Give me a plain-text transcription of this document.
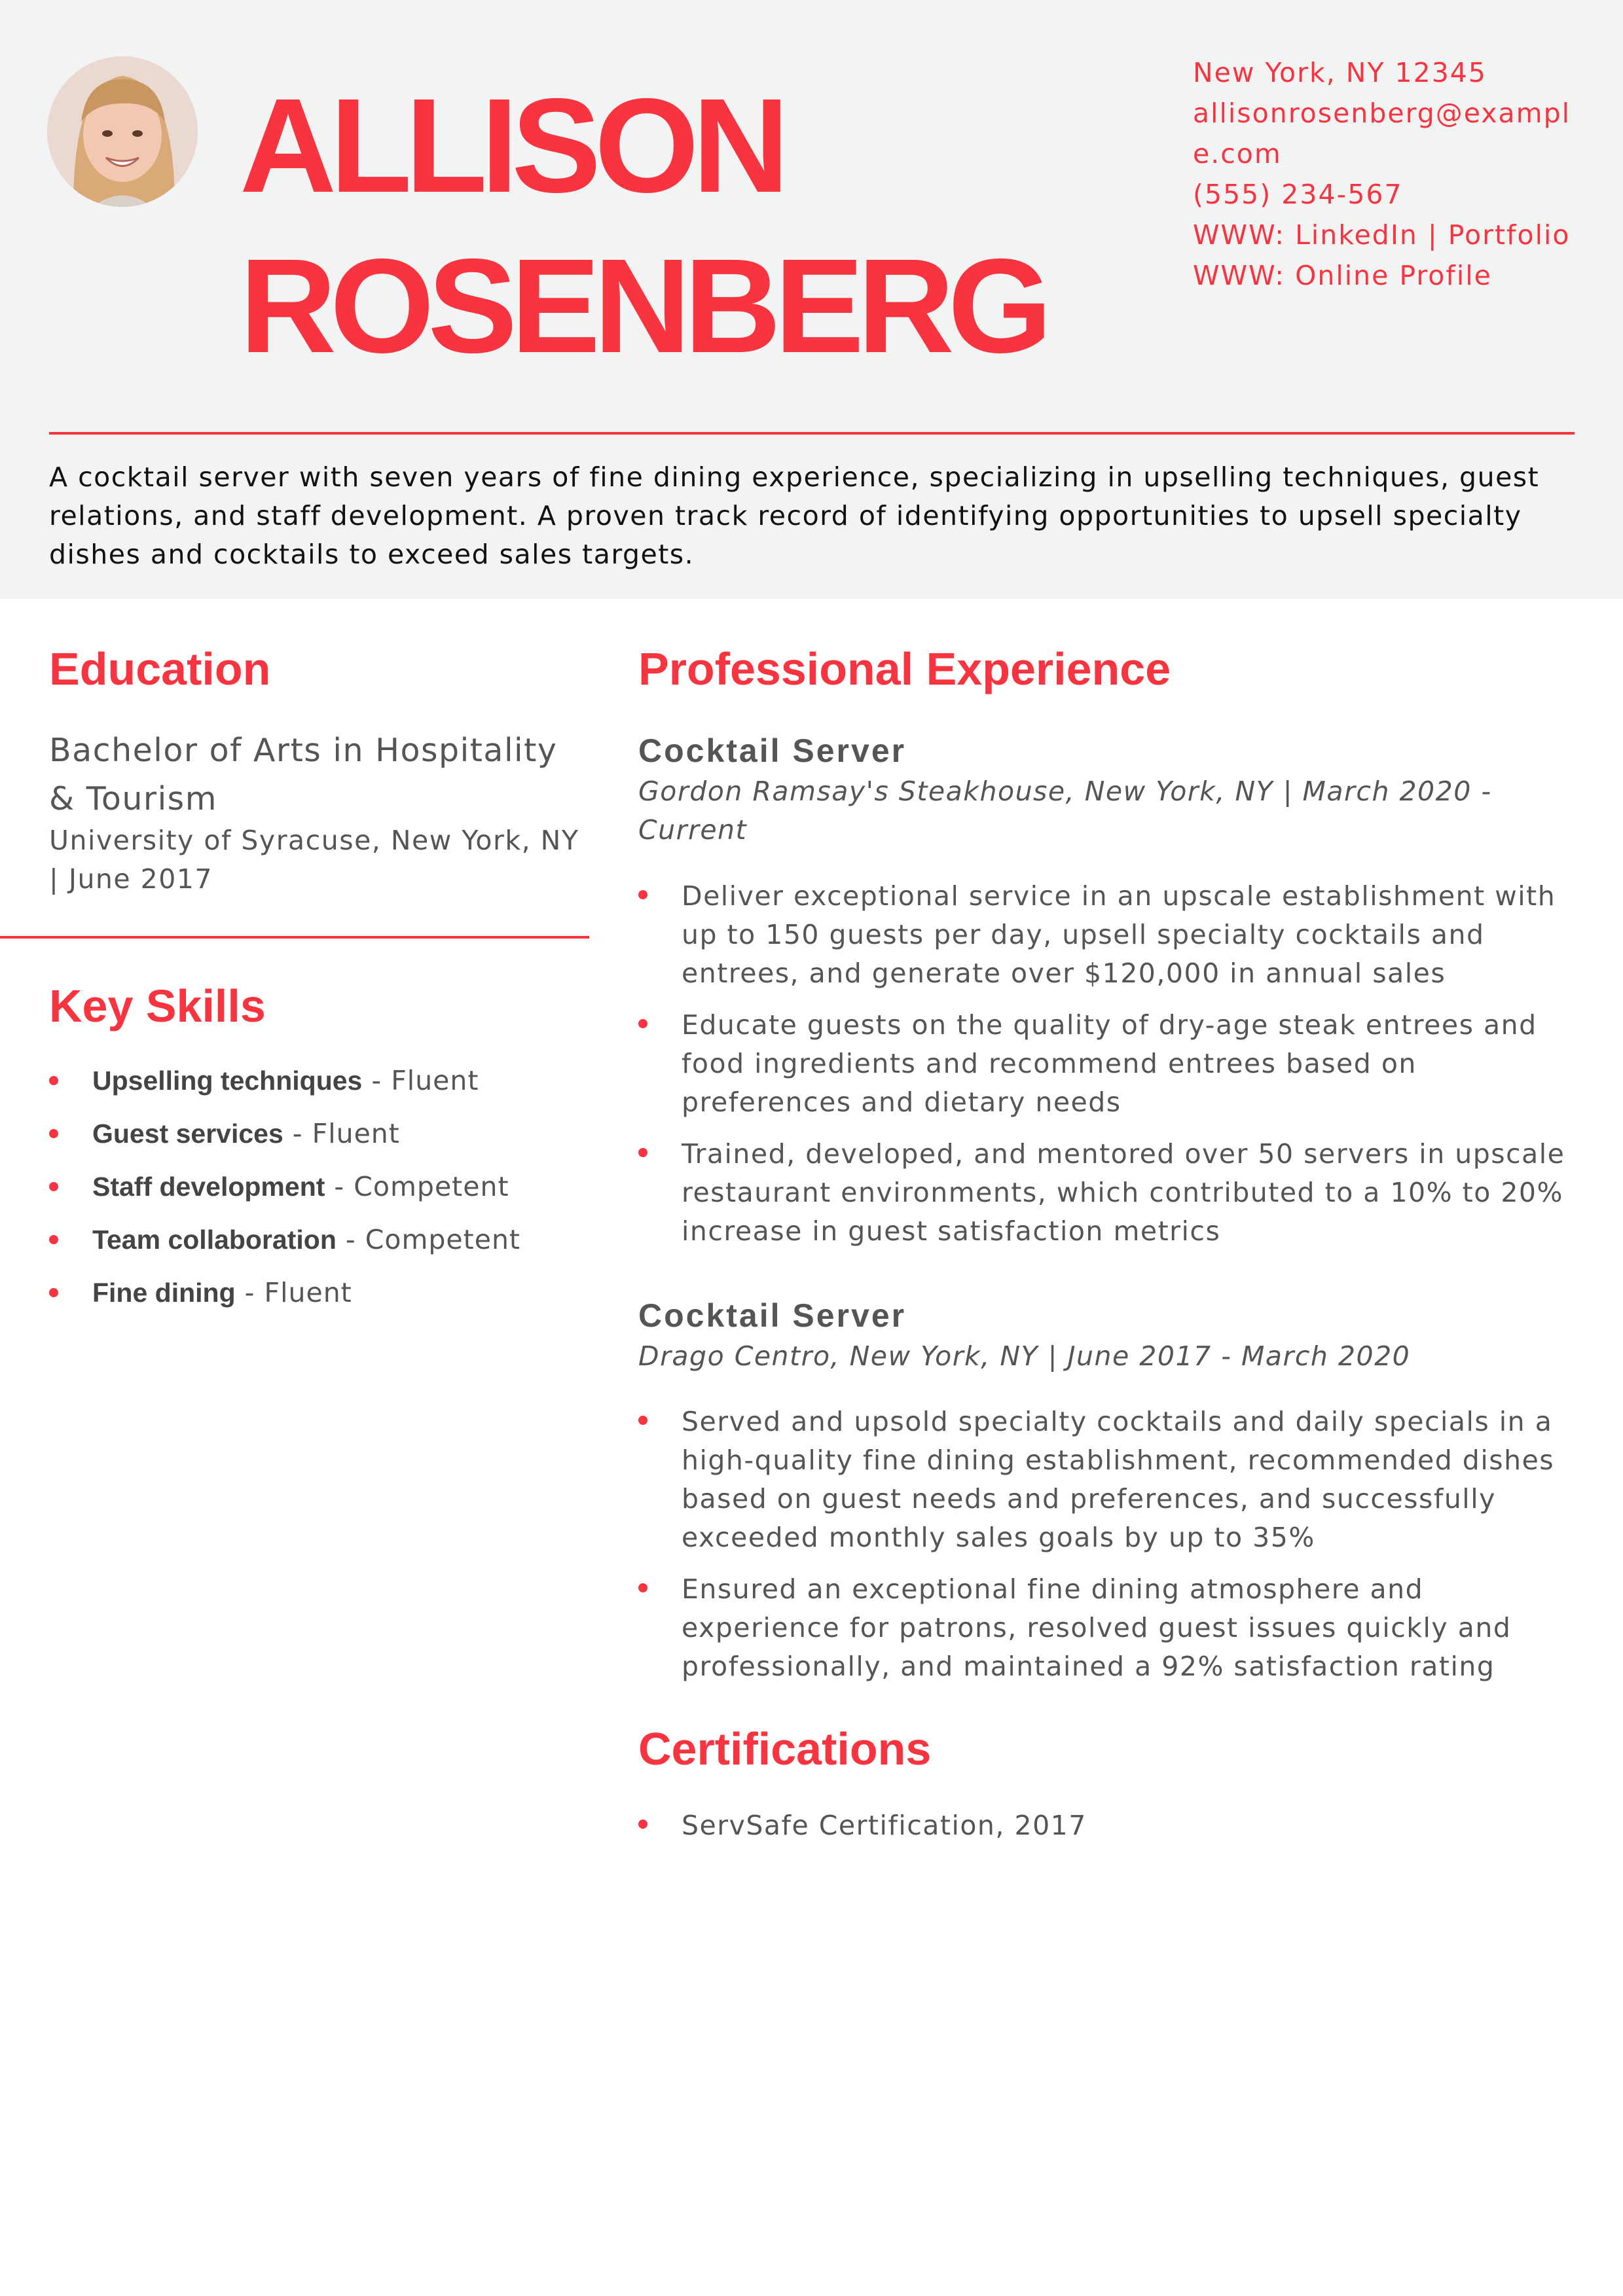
ALLISON
ROSENBERG
New York, NY 12345
allisonrosenberg@example.com
(555) 234-567
WWW: LinkedIn | Portfolio
WWW: Online Profile
A cocktail server with seven years of fine dining experience, specializing in upselling techniques, guest relations, and staff development. A proven track record of identifying opportunities to upsell specialty dishes and cocktails to exceed sales targets.
Education
Bachelor of Arts in Hospitality & Tourism
University of Syracuse, New York, NY | June 2017
Key Skills
Upselling techniques - Fluent
Guest services - Fluent
Staff development - Competent
Team collaboration - Competent
Fine dining - Fluent
Professional Experience
Cocktail Server
Gordon Ramsay's Steakhouse, New York, NY | March 2020 - Current
Deliver exceptional service in an upscale establishment with up to 150 guests per day, upsell specialty cocktails and entrees, and generate over $120,000 in annual sales
Educate guests on the quality of dry-age steak entrees and food ingredients and recommend entrees based on preferences and dietary needs
Trained, developed, and mentored over 50 servers in upscale restaurant environments, which contributed to a 10% to 20% increase in guest satisfaction metrics
Cocktail Server
Drago Centro, New York, NY | June 2017 - March 2020
Served and upsold specialty cocktails and daily specials in a high-quality fine dining establishment, recommended dishes based on guest needs and preferences, and successfully exceeded monthly sales goals by up to 35%
Ensured an exceptional fine dining atmosphere and experience for patrons, resolved guest issues quickly and professionally, and maintained a 92% satisfaction rating
Certifications
ServSafe Certification, 2017
